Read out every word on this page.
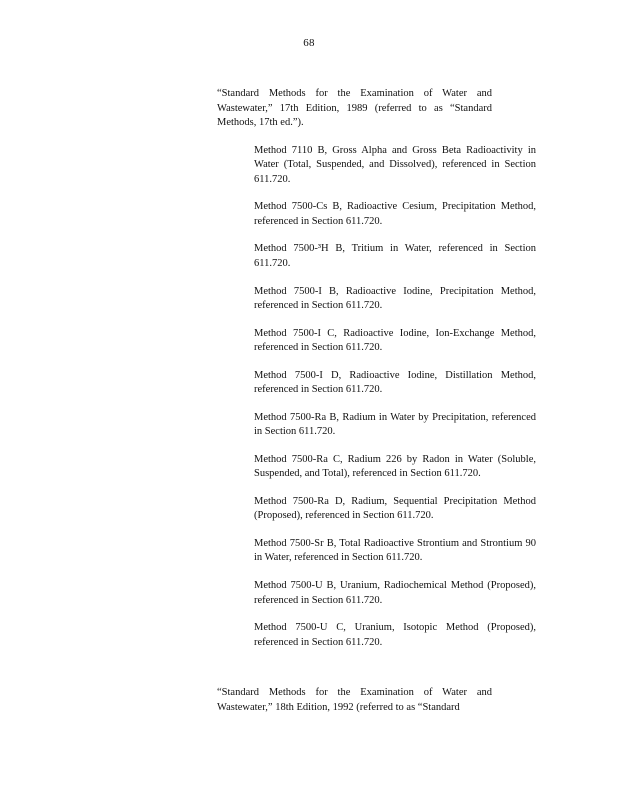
68

“Standard Methods for the Examination of Water and Wastewater,” 17th Edition, 1989 (referred to as “Standard Methods, 17th ed.”).

Method 7110 B, Gross Alpha and Gross Beta Radioactivity in Water (Total, Suspended, and Dissolved), referenced in Section 611.720.
Method 7500-Cs B, Radioactive Cesium, Precipitation Method, referenced in Section 611.720.
Method 7500-³H B, Tritium in Water, referenced in Section 611.720.
Method 7500-I B, Radioactive Iodine, Precipitation Method, referenced in Section 611.720.
Method 7500-I C, Radioactive Iodine, Ion-Exchange Method, referenced in Section 611.720.
Method 7500-I D, Radioactive Iodine, Distillation Method, referenced in Section 611.720.
Method 7500-Ra B, Radium in Water by Precipitation, referenced in Section 611.720.
Method 7500-Ra C, Radium 226 by Radon in Water (Soluble, Suspended, and Total), referenced in Section 611.720.
Method 7500-Ra D, Radium, Sequential Precipitation Method (Proposed), referenced in Section 611.720.
Method 7500-Sr B, Total Radioactive Strontium and Strontium 90 in Water, referenced in Section 611.720.
Method 7500-U B, Uranium, Radiochemical Method (Proposed), referenced in Section 611.720.
Method 7500-U C, Uranium, Isotopic Method (Proposed), referenced in Section 611.720.

“Standard Methods for the Examination of Water and Wastewater,” 18th Edition, 1992 (referred to as “Standard
